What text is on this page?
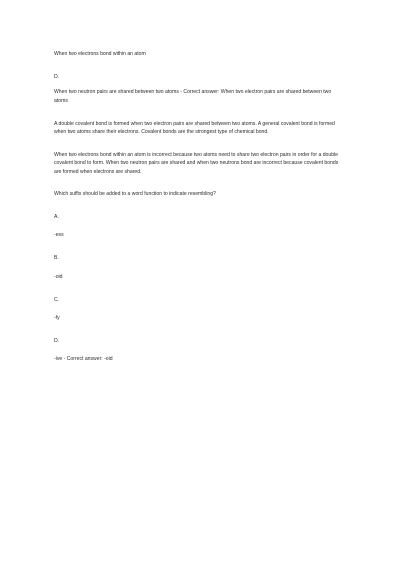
When two electrons bond within an atom

D.

When two neutron pairs are shared between two atoms - Correct answer: When two electron pairs are shared between two atoms

A double covalent bond is formed when two electron pairs are shared between two atoms. A general covalent bond is formed when two atoms share their electrons. Covalent bonds are the strongest type of chemical bond.

When two electrons bond within an atom is incorrect because two atoms need to share two electron pairs in order for a double covalent bond to form. When two neutron pairs are shared and when two neutrons bond are incorrect because covalent bonds are formed when electrons are shared.

Which suffix should be added to a word function to indicate resembling?

A.

-ess

B.

-oid

C.

-fy

D.

-ive - Correct answer: -oid
